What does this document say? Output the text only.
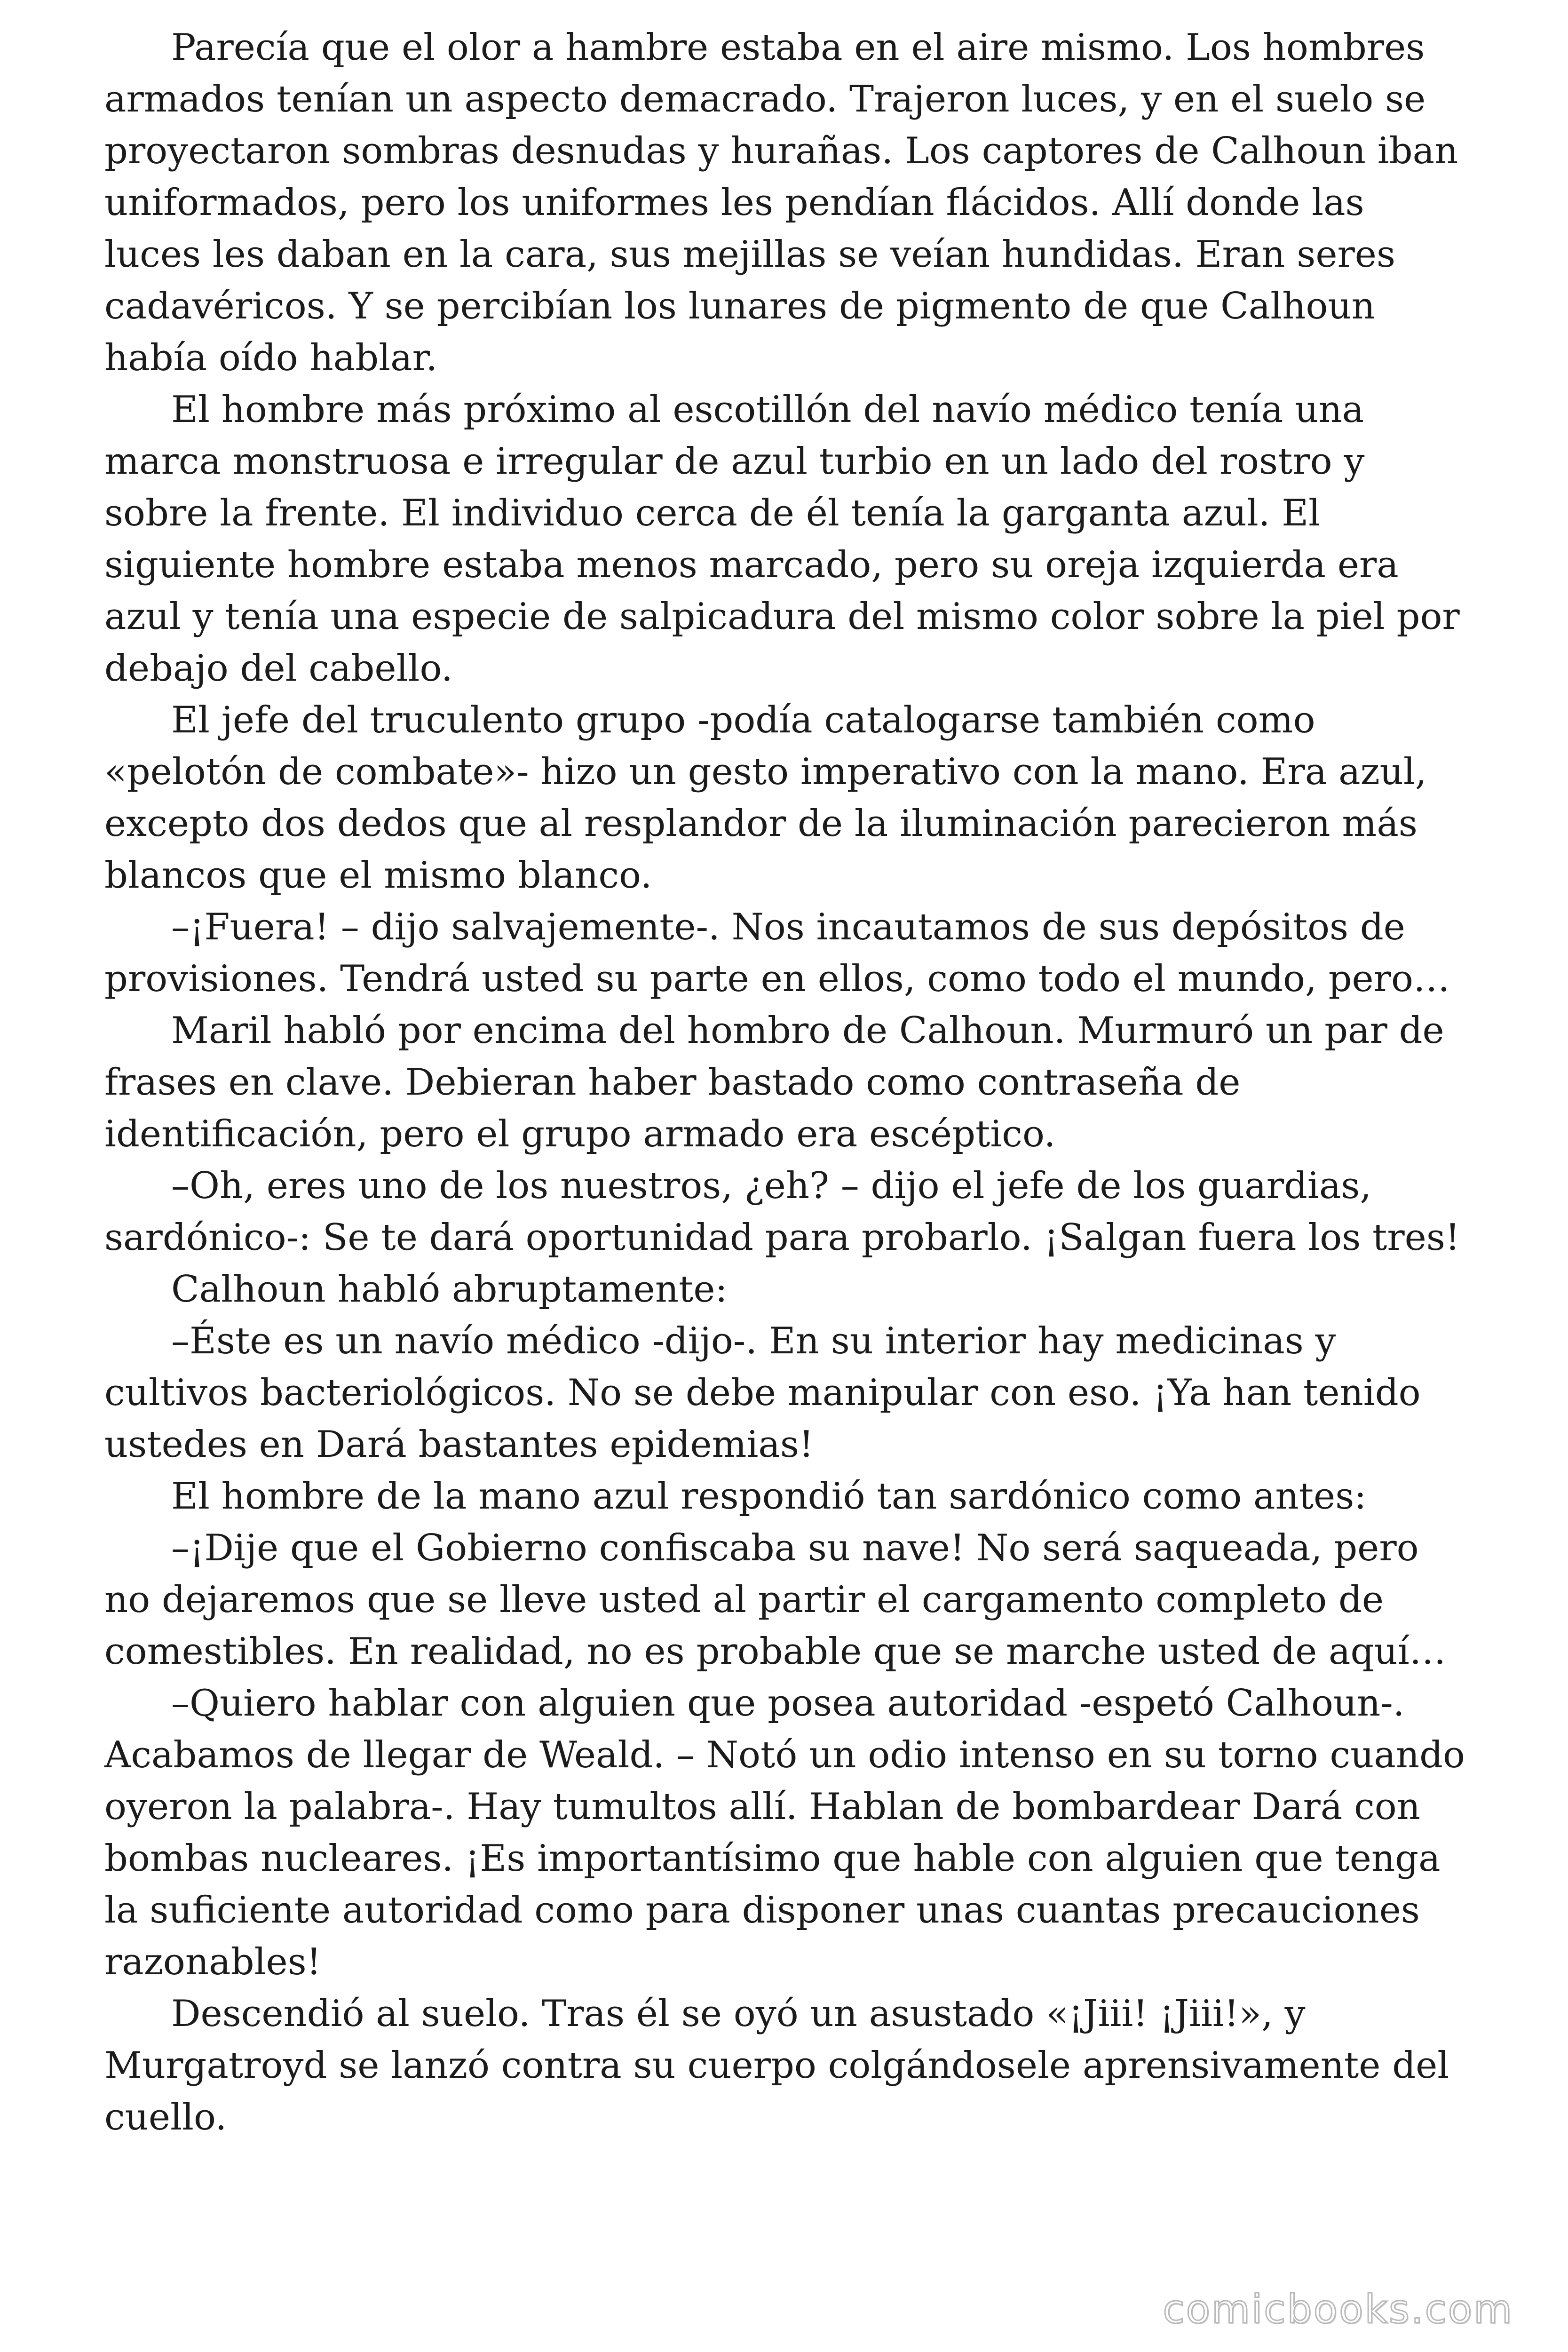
Parecía que el olor a hambre estaba en el aire mismo. Los hombres armados tenían un aspecto demacrado. Trajeron luces, y en el suelo se proyectaron sombras desnudas y hurañas. Los captores de Calhoun iban uniformados, pero los uniformes les pendían flácidos. Allí donde las luces les daban en la cara, sus mejillas se veían hundidas. Eran seres cadavéricos. Y se percibían los lunares de pigmento de que Calhoun había oído hablar.

El hombre más próximo al escotillón del navío médico tenía una marca monstruosa e irregular de azul turbio en un lado del rostro y sobre la frente. El individuo cerca de él tenía la garganta azul. El siguiente hombre estaba menos marcado, pero su oreja izquierda era azul y tenía una especie de salpicadura del mismo color sobre la piel por debajo del cabello.

El jefe del truculento grupo -podía catalogarse también como «pelotón de combate»- hizo un gesto imperativo con la mano. Era azul, excepto dos dedos que al resplandor de la iluminación parecieron más blancos que el mismo blanco.

–¡Fuera! – dijo salvajemente-. Nos incautamos de sus depósitos de provisiones. Tendrá usted su parte en ellos, como todo el mundo, pero…

Maril habló por encima del hombro de Calhoun. Murmuró un par de frases en clave. Debieran haber bastado como contraseña de identificación, pero el grupo armado era escéptico.

–Oh, eres uno de los nuestros, ¿eh? – dijo el jefe de los guardias, sardónico-: Se te dará oportunidad para probarlo. ¡Salgan fuera los tres!

Calhoun habló abruptamente:

–Éste es un navío médico -dijo-. En su interior hay medicinas y cultivos bacteriológicos. No se debe manipular con eso. ¡Ya han tenido ustedes en Dará bastantes epidemias!

El hombre de la mano azul respondió tan sardónico como antes:

–¡Dije que el Gobierno confiscaba su nave! No será saqueada, pero no dejaremos que se lleve usted al partir el cargamento completo de comestibles. En realidad, no es probable que se marche usted de aquí…

–Quiero hablar con alguien que posea autoridad -espetó Calhoun-. Acabamos de llegar de Weald. – Notó un odio intenso en su torno cuando oyeron la palabra-. Hay tumultos allí. Hablan de bombardear Dará con bombas nucleares. ¡Es importantísimo que hable con alguien que tenga la suficiente autoridad como para disponer unas cuantas precauciones razonables!

Descendió al suelo. Tras él se oyó un asustado «¡Jiii! ¡Jiii!», y Murgatroyd se lanzó contra su cuerpo colgándosele aprensivamente del cuello.

comicbooks.com
